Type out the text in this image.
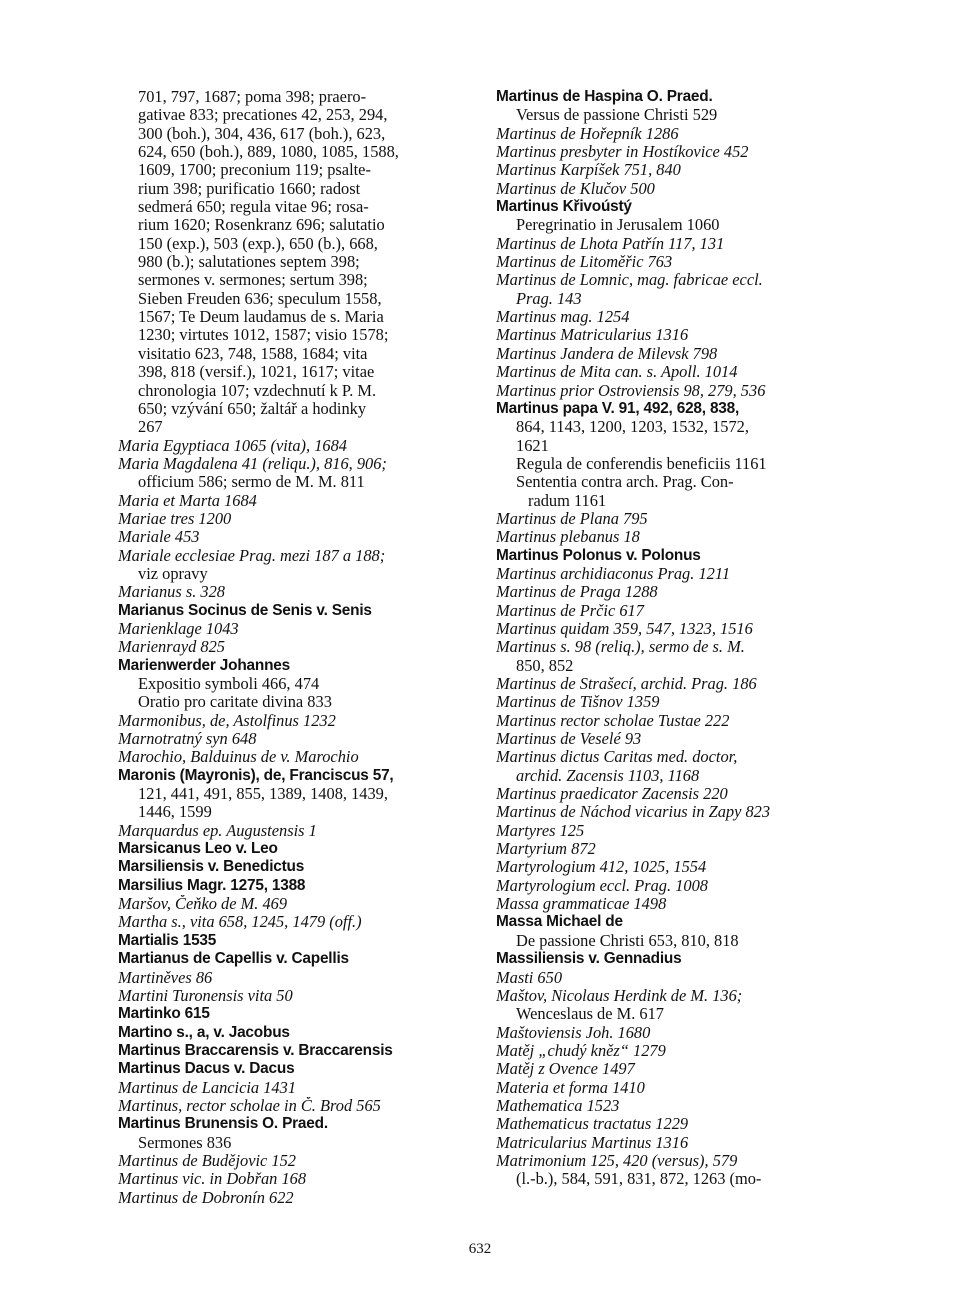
701, 797, 1687; poma 398; praero-
gativae 833; precationes 42, 253, 294,
300 (boh.), 304, 436, 617 (boh.), 623,
624, 650 (boh.), 889, 1080, 1085, 1588,
1609, 1700; preconium 119; psalte-
rium 398; purificatio 1660; radost
sedmerá 650; regula vitae 96; rosa-
rium 1620; Rosenkranz 696; salutatio
150 (exp.), 503 (exp.), 650 (b.), 668,
980 (b.); salutationes septem 398;
sermones v. sermones; sertum 398;
Sieben Freuden 636; speculum 1558,
1567; Te Deum laudamus de s. Maria
1230; virtutes 1012, 1587; visio 1578;
visitatio 623, 748, 1588, 1684; vita
398, 818 (versif.), 1021, 1617; vitae
chronologia 107; vzdechnutí k P. M.
650; vzývání 650; žaltář a hodinky
267
Maria Egyptiaca 1065 (vita), 1684
Maria Magdalena 41 (reliqu.), 816, 906;
officium 586; sermo de M. M. 811
Maria et Marta 1684
Mariae tres 1200
Mariale 453
Mariale ecclesiae Prag. mezi 187 a 188;
viz opravy
Marianus s. 328
Marianus Socinus de Senis v. Senis
Marienklage 1043
Marienrayd 825
Marienwerder Johannes
Expositio symboli 466, 474
Oratio pro caritate divina 833
Marmonibus, de, Astolfinus 1232
Marnotratný syn 648
Marochio, Balduinus de v. Marochio
Maronis (Mayronis), de, Franciscus 57,
121, 441, 491, 855, 1389, 1408, 1439,
1446, 1599
Marquardus ep. Augustensis 1
Marsicanus Leo v. Leo
Marsiliensis v. Benedictus
Marsilius Magr. 1275, 1388
Maršov, Čeňko de M. 469
Martha s., vita 658, 1245, 1479 (off.)
Martialis 1535
Martianus de Capellis v. Capellis
Martiněves 86
Martini Turonensis vita 50
Martinko 615
Martino s., a, v. Jacobus
Martinus Braccarensis v. Braccarensis
Martinus Dacus v. Dacus
Martinus de Lancicia 1431
Martinus, rector scholae in Č. Brod 565
Martinus Brunensis O. Praed.
Sermones 836
Martinus de Budějovic 152
Martinus vic. in Dobřan 168
Martinus de Dobronín 622
Martinus de Haspina O. Praed.
Versus de passione Christi 529
Martinus de Hořepník 1286
Martinus presbyter in Hostíkovice 452
Martinus Karpíšek 751, 840
Martinus de Klučov 500
Martinus Křivoústý
Peregrinatio in Jerusalem 1060
Martinus de Lhota Patřín 117, 131
Martinus de Litoměřic 763
Martinus de Lomnic, mag. fabricae eccl.
Prag. 143
Martinus mag. 1254
Martinus Matricularius 1316
Martinus Jandera de Milevsk 798
Martinus de Mita can. s. Apoll. 1014
Martinus prior Ostroviensis 98, 279, 536
Martinus papa V. 91, 492, 628, 838,
864, 1143, 1200, 1203, 1532, 1572,
1621
Regula de conferendis beneficiis 1161
Sententia contra arch. Prag. Con-
radum 1161
Martinus de Plana 795
Martinus plebanus 18
Martinus Polonus v. Polonus
Martinus archidiaconus Prag. 1211
Martinus de Praga 1288
Martinus de Prčic 617
Martinus quidam 359, 547, 1323, 1516
Martinus s. 98 (reliq.), sermo de s. M.
850, 852
Martinus de Strašecí, archid. Prag. 186
Martinus de Tišnov 1359
Martinus rector scholae Tustae 222
Martinus de Veselé 93
Martinus dictus Caritas med. doctor,
archid. Zacensis 1103, 1168
Martinus praedicator Zacensis 220
Martinus de Náchod vicarius in Zapy 823
Martyres 125
Martyrium 872
Martyrologium 412, 1025, 1554
Martyrologium eccl. Prag. 1008
Massa grammaticae 1498
Massa Michael de
De passione Christi 653, 810, 818
Massiliensis v. Gennadius
Masti 650
Maštov, Nicolaus Herdink de M. 136;
Wenceslaus de M. 617
Maštoviensis Joh. 1680
Matěj „chudý kněz“ 1279
Matěj z Ovence 1497
Materia et forma 1410
Mathematica 1523
Mathematicus tractatus 1229
Matricularius Martinus 1316
Matrimonium 125, 420 (versus), 579
(l.-b.), 584, 591, 831, 872, 1263 (mo-
632
